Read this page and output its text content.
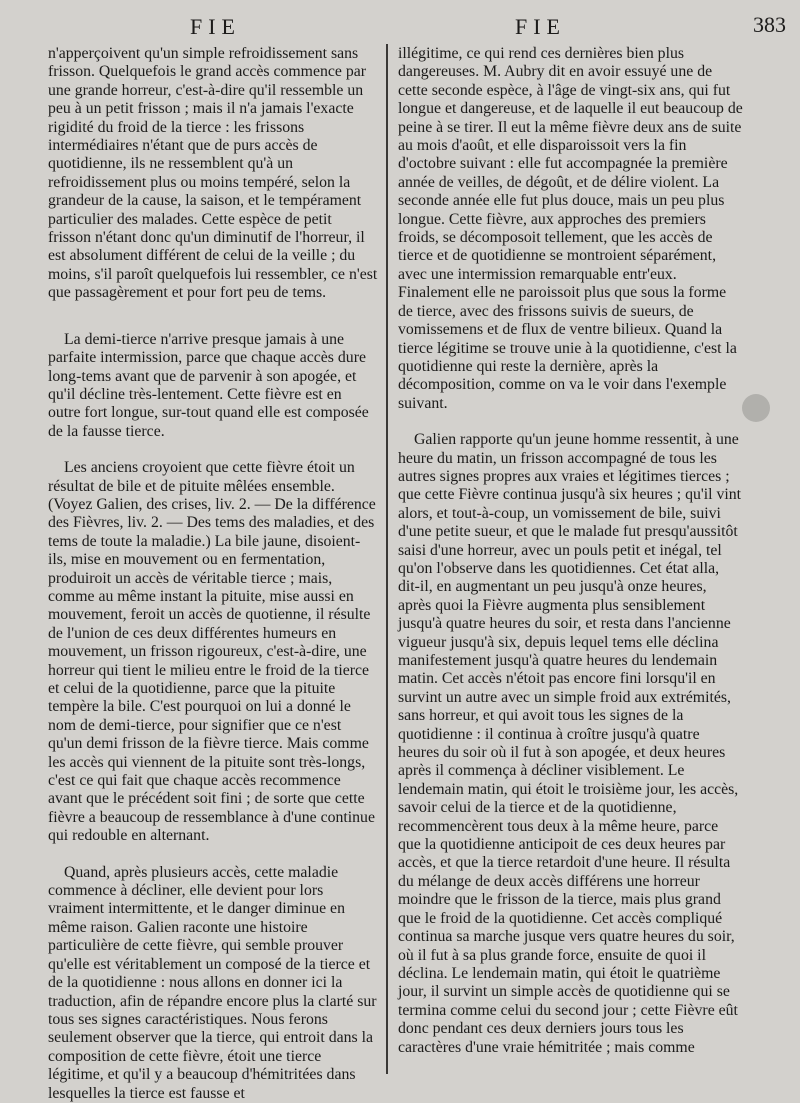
FIE	FIE	383

n'apperçoivent qu'un simple refroidissement sans frisson. Quelquefois le grand accès commence par une grande horreur, c'est-à-dire qu'il ressemble un peu à un petit frisson ; mais il n'a jamais l'exacte rigidité du froid de la tierce : les frissons intermédiaires n'étant que de purs accès de quotidienne, ils ne ressemblent qu'à un refroidissement plus ou moins tempéré, selon la grandeur de la cause, la saison, et le tempérament particulier des malades. Cette espèce de petit frisson n'étant donc qu'un diminutif de l'horreur, il est absolument différent de celui de la veille ; du moins, s'il paroît quelquefois lui ressembler, ce n'est que passagèrement et pour fort peu de tems.

La demi-tierce n'arrive presque jamais à une parfaite intermission, parce que chaque accès dure long-tems avant que de parvenir à son apogée, et qu'il décline très-lentement. Cette fièvre est en outre fort longue, sur-tout quand elle est composée de la fausse tierce.

Les anciens croyoient que cette fièvre étoit un résultat de bile et de pituite mêlées ensemble. (Voyez Galien, des crises, liv. 2. — De la différence des Fièvres, liv. 2. — Des tems des maladies, et des tems de toute la maladie.) La bile jaune, disoient-ils, mise en mouvement ou en fermentation, produiroit un accès de véritable tierce ; mais, comme au même instant la pituite, mise aussi en mouvement, feroit un accès de quotienne, il résulte de l'union de ces deux différentes humeurs en mouvement, un frisson rigoureux, c'est-à-dire, une horreur qui tient le milieu entre le froid de la tierce et celui de la quotidienne, parce que la pituite tempère la bile. C'est pourquoi on lui a donné le nom de demi-tierce, pour signifier que ce n'est qu'un demi frisson de la fièvre tierce. Mais comme les accès qui viennent de la pituite sont très-longs, c'est ce qui fait que chaque accès recommence avant que le précédent soit fini ; de sorte que cette fièvre a beaucoup de ressemblance à d'une continue qui redouble en alternant.

Quand, après plusieurs accès, cette maladie commence à décliner, elle devient pour lors vraiment intermittente, et le danger diminue en même raison. Galien raconte une histoire particulière de cette fièvre, qui semble prouver qu'elle est véritablement un composé de la tierce et de la quotidienne : nous allons en donner ici la traduction, afin de répandre encore plus la clarté sur tous ses signes caractéristiques. Nous ferons seulement observer que la tierce, qui entroit dans la composition de cette fièvre, étoit une tierce légitime, et qu'il y a beaucoup d'hémitritées dans lesquelles la tierce est fausse et

illégitime, ce qui rend ces dernières bien plus dangereuses. M. Aubry dit en avoir essuyé une de cette seconde espèce, à l'âge de vingt-six ans, qui fut longue et dangereuse, et de laquelle il eut beaucoup de peine à se tirer. Il eut la même fièvre deux ans de suite au mois d'août, et elle disparoissoit vers la fin d'octobre suivant : elle fut accompagnée la première année de veilles, de dégoût, et de délire violent. La seconde année elle fut plus douce, mais un peu plus longue. Cette fièvre, aux approches des premiers froids, se décomposoit tellement, que les accès de tierce et de quotidienne se montroient séparément, avec une intermission remarquable entr'eux. Finalement elle ne paroissoit plus que sous la forme de tierce, avec des frissons suivis de sueurs, de vomissemens et de flux de ventre bilieux. Quand la tierce légitime se trouve unie à la quotidienne, c'est la quotidienne qui reste la dernière, après la décomposition, comme on va le voir dans l'exemple suivant.

Galien rapporte qu'un jeune homme ressentit, à une heure du matin, un frisson accompagné de tous les autres signes propres aux vraies et légitimes tierces ; que cette Fièvre continua jusqu'à six heures ; qu'il vint alors, et tout-à-coup, un vomissement de bile, suivi d'une petite sueur, et que le malade fut presqu'aussitôt saisi d'une horreur, avec un pouls petit et inégal, tel qu'on l'observe dans les quotidiennes. Cet état alla, dit-il, en augmentant un peu jusqu'à onze heures, après quoi la Fièvre augmenta plus sensiblement jusqu'à quatre heures du soir, et resta dans l'ancienne vigueur jusqu'à six, depuis lequel tems elle déclina manifestement jusqu'à quatre heures du lendemain matin. Cet accès n'étoit pas encore fini lorsqu'il en survint un autre avec un simple froid aux extrémités, sans horreur, et qui avoit tous les signes de la quotidienne : il continua à croître jusqu'à quatre heures du soir où il fut à son apogée, et deux heures après il commença à décliner visiblement. Le lendemain matin, qui étoit le troisième jour, les accès, savoir celui de la tierce et de la quotidienne, recommencèrent tous deux à la même heure, parce que la quotidienne anticipoit de ces deux heures par accès, et que la tierce retardoit d'une heure. Il résulta du mélange de deux accès différens une horreur moindre que le frisson de la tierce, mais plus grand que le froid de la quotidienne. Cet accès compliqué continua sa marche jusque vers quatre heures du soir, où il fut à sa plus grande force, ensuite de quoi il déclina. Le lendemain matin, qui étoit le quatrième jour, il survint un simple accès de quotidienne qui se termina comme celui du second jour ; cette Fièvre eût donc pendant ces deux derniers jours tous les caractères d'une vraie hémitritée ; mais comme
